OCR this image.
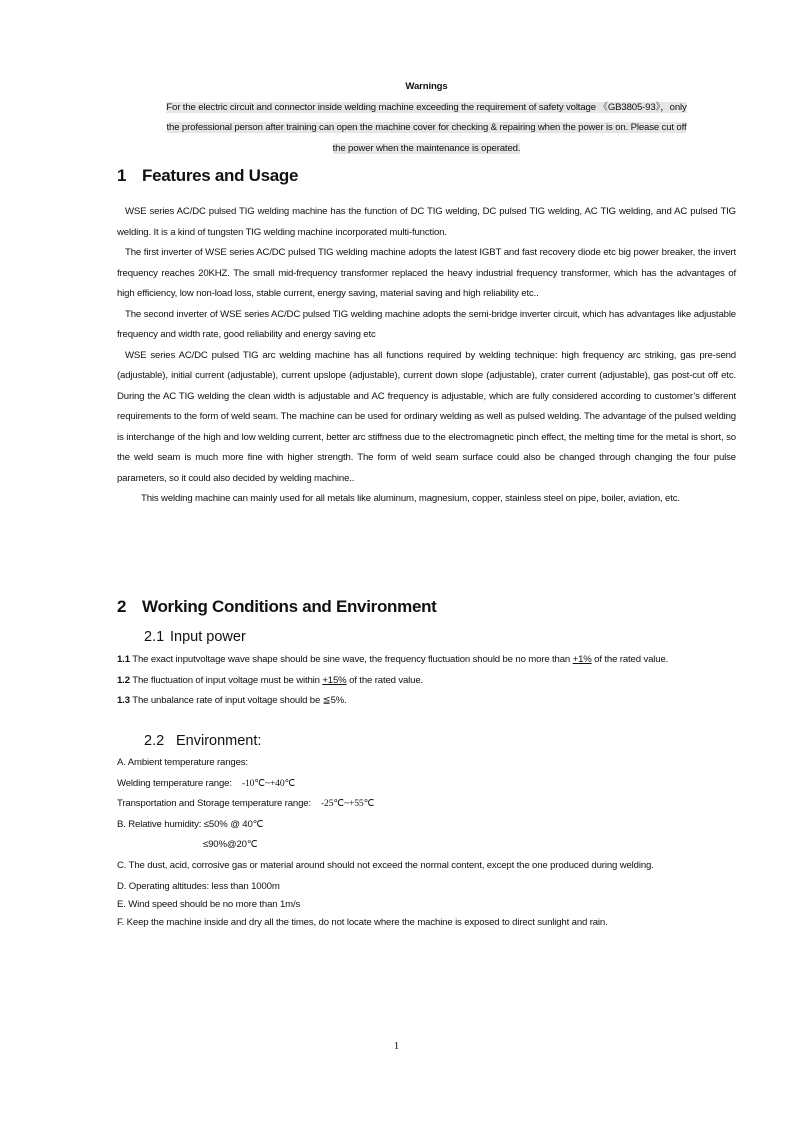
Warnings
For the electric circuit and connector inside welding machine exceeding the requirement of safety voltage 《GB3805-93》，only
the professional person after training can open the machine cover for checking & repairing when the power is on. Please cut off
the power when the maintenance is operated.
1 Features and Usage

WSE series AC/DC pulsed TIG welding machine has the function of DC TIG welding, DC pulsed TIG welding, AC TIG welding, and AC pulsed TIG welding. It is a kind of tungsten TIG welding machine incorporated multi-function.

The first inverter of WSE series AC/DC pulsed TIG welding machine adopts the latest IGBT and fast recovery diode etc big power breaker, the invert frequency reaches 20KHZ. The small mid-frequency transformer replaced the heavy industrial frequency transformer, which has the advantages of high efficiency, low non-load loss, stable current, energy saving, material saving and high reliability etc..

The second inverter of WSE series AC/DC pulsed TIG welding machine adopts the semi-bridge inverter circuit, which has advantages like adjustable frequency and width rate, good reliability and energy saving etc

WSE series AC/DC pulsed TIG arc welding machine has all functions required by welding technique: high frequency arc striking, gas pre-send (adjustable), initial current (adjustable), current upslope (adjustable), current down slope (adjustable), crater current (adjustable), gas post-cut off etc. During the AC TIG welding the clean width is adjustable and AC frequency is adjustable, which are fully considered according to customer’s different requirements to the form of weld seam. The machine can be used for ordinary welding as well as pulsed welding. The advantage of the pulsed welding is interchange of the high and low welding current, better arc stiffness due to the electromagnetic pinch effect, the melting time for the metal is short, so the weld seam is much more fine with higher strength. The form of weld seam surface could also be changed through changing the four pulse parameters, so it could also decided by welding machine..

This welding machine can mainly used for all metals like aluminum, magnesium, copper, stainless steel on pipe, boiler, aviation, etc.

2 Working Conditions and Environment
2.1 Input power

1.1 The exact inputvoltage wave shape should be sine wave, the frequency fluctuation should be no more than +1% of the rated value.

1.2 The fluctuation of input voltage must be within +15% of the rated value.

1.3 The unbalance rate of input voltage should be ≦5%.

2.2 Environment:

A. Ambient temperature ranges:

Welding temperature range: -10℃~+40℃

Transportation and Storage temperature range: -25℃~+55℃

B. Relative humidity: ≤50% @ 40℃

≤90%@20℃

C. The dust, acid, corrosive gas or material around should not exceed the normal content, except the one produced during welding.

D. Operating altitudes: less than 1000m

E. Wind speed should be no more than 1m/s

F. Keep the machine inside and dry all the times, do not locate where the machine is exposed to direct sunlight and rain.

1
